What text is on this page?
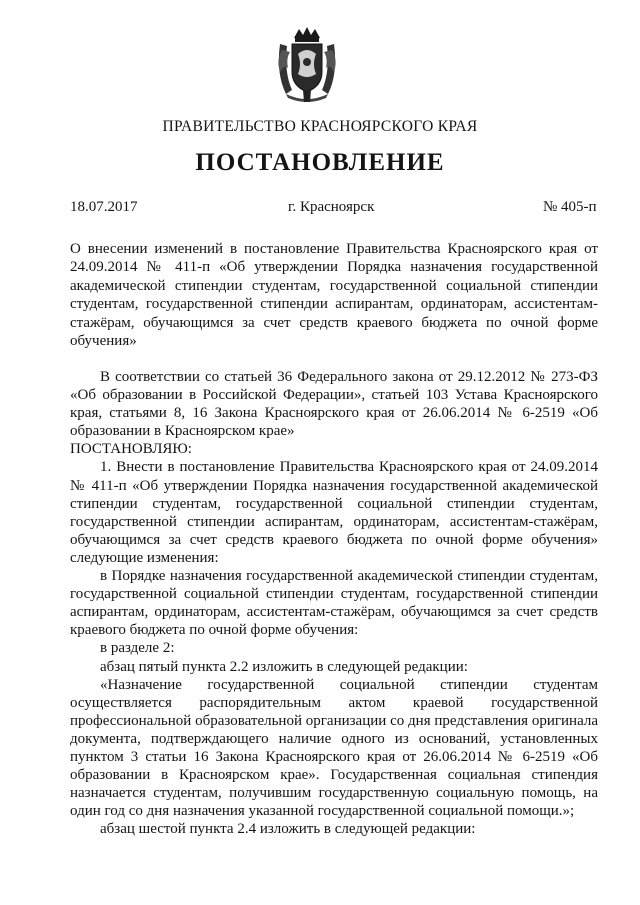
ПРАВИТЕЛЬСТВО КРАСНОЯРСКОГО КРАЯ
ПОСТАНОВЛЕНИЕ
18.07.2017	г. Красноярск	№ 405-п

О внесении изменений в постановление Правительства Красноярского края от 24.09.2014 № 411-п «Об утверждении Порядка назначения государственной академической стипендии студентам, государственной социальной стипендии студентам, государственной стипендии аспирантам, ординаторам, ассистентам-стажёрам, обучающимся за счет средств краевого бюджета по очной форме обучения»

В соответствии со статьей 36 Федерального закона от 29.12.2012 № 273-ФЗ «Об образовании в Российской Федерации», статьей 103 Устава Красноярского края, статьями 8, 16 Закона Красноярского края от 26.06.2014 № 6-2519 «Об образовании в Красноярском крае»

ПОСТАНОВЛЯЮ:

1. Внести в постановление Правительства Красноярского края от 24.09.2014 № 411-п «Об утверждении Порядка назначения государственной академической стипендии студентам, государственной социальной стипендии студентам, государственной стипендии аспирантам, ординаторам, ассистентам-стажёрам, обучающимся за счет средств краевого бюджета по очной форме обучения» следующие изменения:

в Порядке назначения государственной академической стипендии студентам, государственной социальной стипендии студентам, государственной стипендии аспирантам, ординаторам, ассистентам-стажёрам, обучающимся за счет средств краевого бюджета по очной форме обучения:

в разделе 2:

абзац пятый пункта 2.2 изложить в следующей редакции:

«Назначение государственной социальной стипендии студентам осуществляется распорядительным актом краевой государственной профессиональной образовательной организации со дня представления оригинала документа, подтверждающего наличие одного из оснований, установленных пунктом 3 статьи 16 Закона Красноярского края от 26.06.2014 № 6-2519 «Об образовании в Красноярском крае». Государственная социальная стипендия назначается студентам, получившим государственную социальную помощь, на один год со дня назначения указанной государственной социальной помощи.»;

абзац шестой пункта 2.4 изложить в следующей редакции:
